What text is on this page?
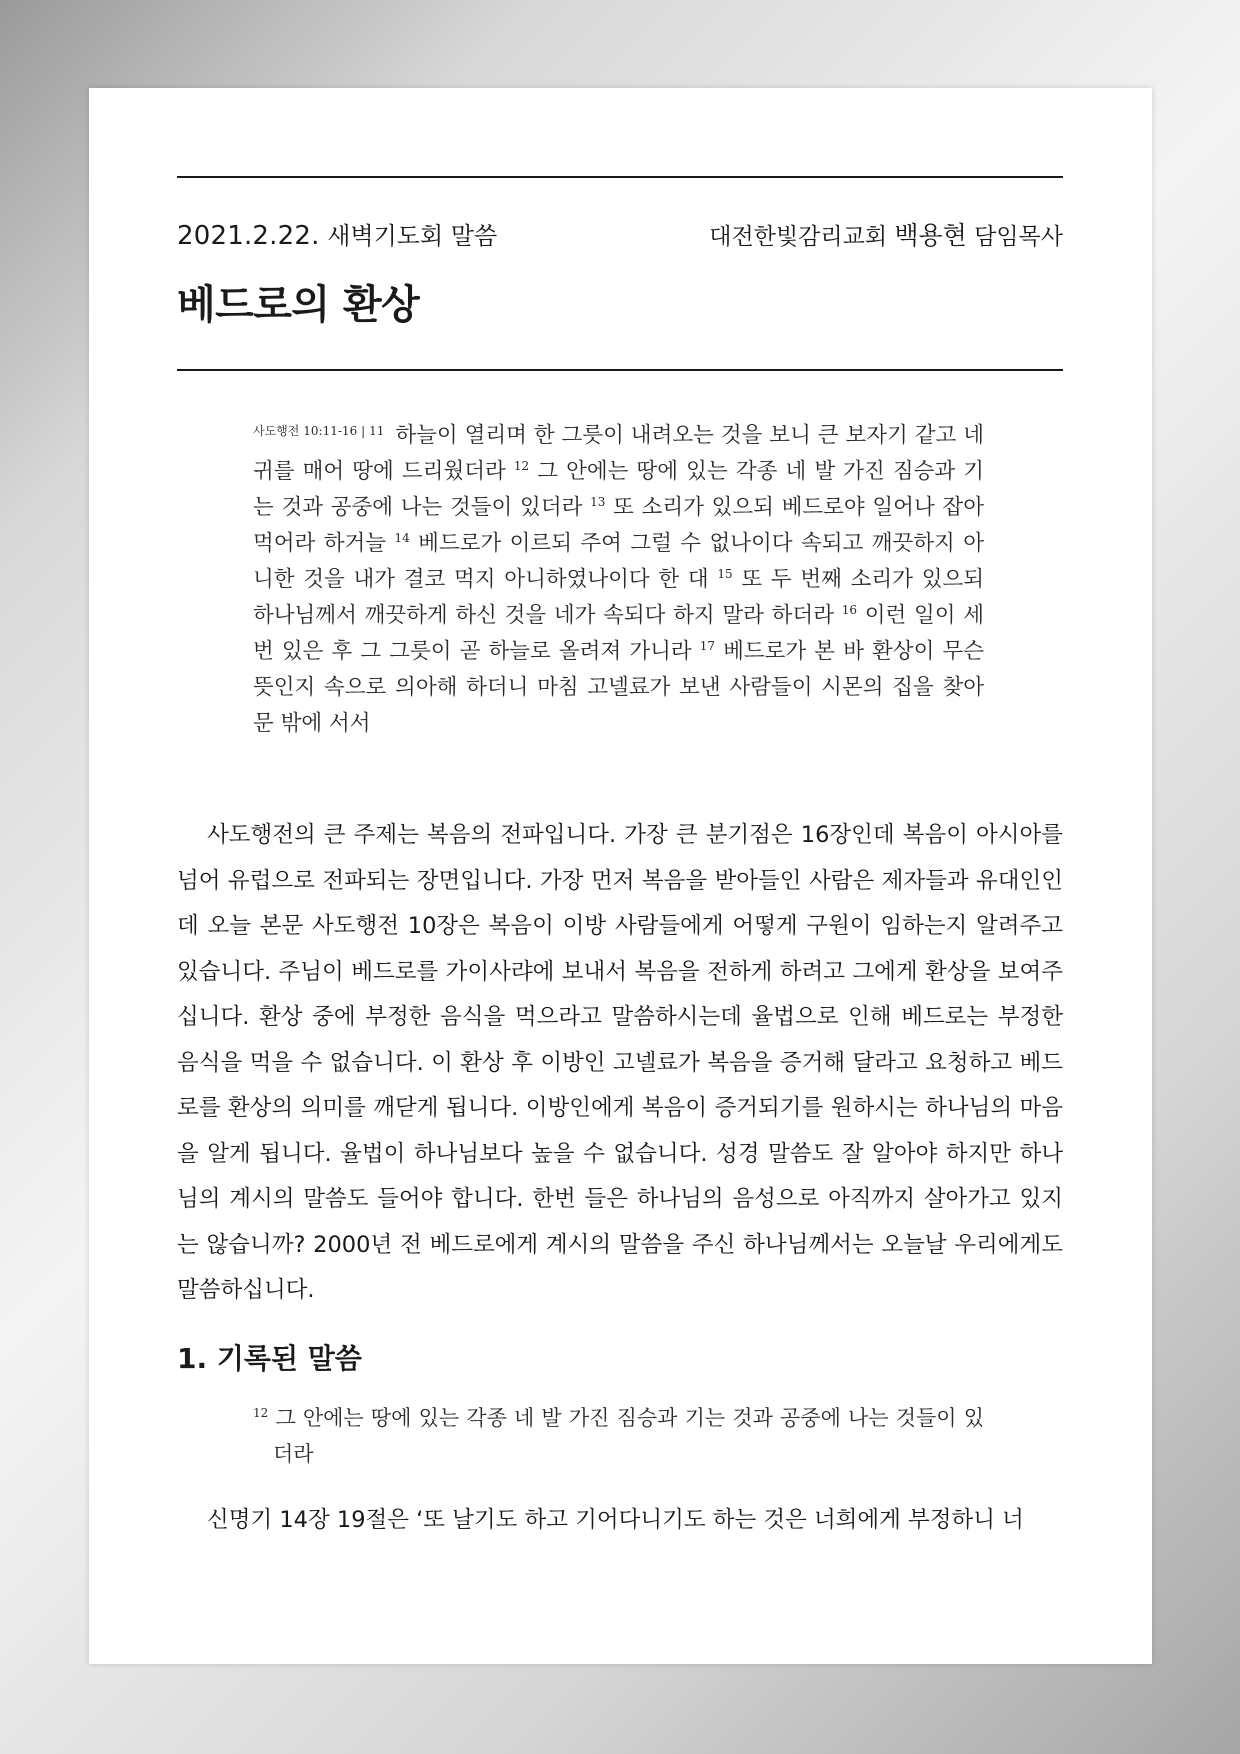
2021.2.22. 새벽기도회 말씀	대전한빛감리교회 백용현 담임목사
베드로의 환상
$^{사도행전 10:11-16 | 11}$ 하늘이 열리며 한 그릇이 내려오는 것을 보니 큰 보자기 같고 네 귀를 매어 땅에 드리웠더라 $^{12}$ 그 안에는 땅에 있는 각종 네 발 가진 짐승과 기는 것과 공중에 나는 것들이 있더라 $^{13}$ 또 소리가 있으되 베드로야 일어나 잡아 먹어라 하거늘 $^{14}$ 베드로가 이르되 주여 그럴 수 없나이다 속되고 깨끗하지 아니한 것을 내가 결코 먹지 아니하였나이다 한 대 $^{15}$ 또 두 번째 소리가 있으되 하나님께서 깨끗하게 하신 것을 네가 속되다 하지 말라 하더라 $^{16}$ 이런 일이 세 번 있은 후 그 그릇이 곧 하늘로 올려져 가니라 $^{17}$ 베드로가 본 바 환상이 무슨 뜻인지 속으로 의아해 하더니 마침 고넬료가 보낸 사람들이 시몬의 집을 찾아 문 밖에 서서

사도행전의 큰 주제는 복음의 전파입니다. 가장 큰 분기점은 16장인데 복음이 아시아를 넘어 유럽으로 전파되는 장면입니다. 가장 먼저 복음을 받아들인 사람은 제자들과 유대인인데 오늘 본문 사도행전 10장은 복음이 이방 사람들에게 어떻게 구원이 임하는지 알려주고 있습니다. 주님이 베드로를 가이사랴에 보내서 복음을 전하게 하려고 그에게 환상을 보여주십니다. 환상 중에 부정한 음식을 먹으라고 말씀하시는데 율법으로 인해 베드로는 부정한 음식을 먹을 수 없습니다. 이 환상 후 이방인 고넬료가 복음을 증거해 달라고 요청하고 베드로를 환상의 의미를 깨닫게 됩니다. 이방인에게 복음이 증거되기를 원하시는 하나님의 마음을 알게 됩니다. 율법이 하나님보다 높을 수 없습니다. 성경 말씀도 잘 알아야 하지만 하나님의 계시의 말씀도 들어야 합니다. 한번 들은 하나님의 음성으로 아직까지 살아가고 있지는 않습니까? 2000년 전 베드로에게 계시의 말씀을 주신 하나님께서는 오늘날 우리에게도 말씀하십니다.

1. 기록된 말씀
$^{12}$ 그 안에는 땅에 있는 각종 네 발 가진 짐승과 기는 것과 공중에 나는 것들이 있더라

신명기 14장 19절은 ‘또 날기도 하고 기어다니기도 하는 것은 너희에게 부정하니 너
